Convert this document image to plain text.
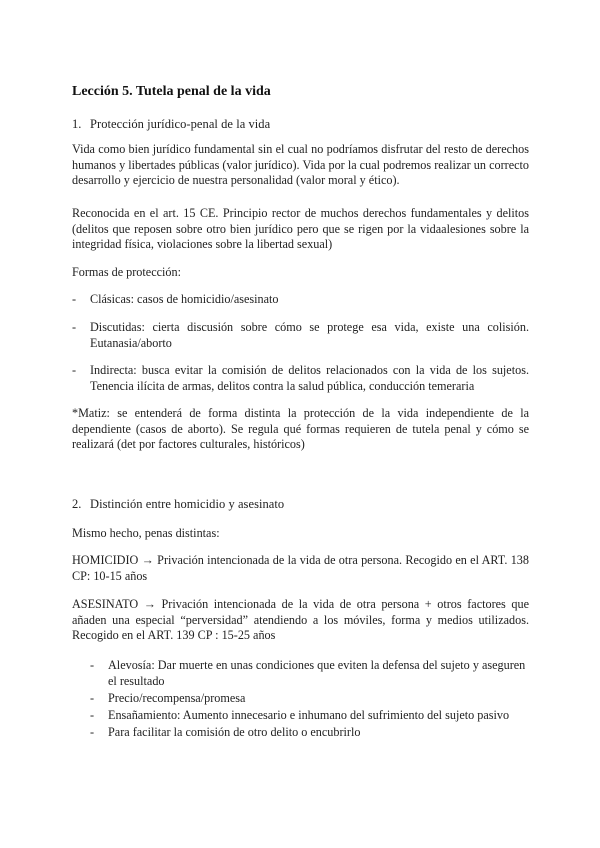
Lección 5. Tutela penal de la vida
1. Protección jurídico-penal de la vida

Vida como bien jurídico fundamental sin el cual no podríamos disfrutar del resto de derechos humanos y libertades públicas (valor jurídico). Vida por la cual podremos realizar un correcto desarrollo y ejercicio de nuestra personalidad (valor moral y ético).

Reconocida en el art. 15 CE. Principio rector de muchos derechos fundamentales y delitos (delitos que reposen sobre otro bien jurídico pero que se rigen por la vidaalesiones sobre la integridad física, violaciones sobre la libertad sexual)

Formas de protección:

- Clásicas: casos de homicidio/asesinato
- Discutidas: cierta discusión sobre cómo se protege esa vida, existe una colisión. Eutanasia/aborto
- Indirecta: busca evitar la comisión de delitos relacionados con la vida de los sujetos. Tenencia ilícita de armas, delitos contra la salud pública, conducción temeraria

*Matiz: se entenderá de forma distinta la protección de la vida independiente de la dependiente (casos de aborto). Se regula qué formas requieren de tutela penal y cómo se realizará (det por factores culturales, históricos)

2. Distinción entre homicidio y asesinato

Mismo hecho, penas distintas:

HOMICIDIO → Privación intencionada de la vida de otra persona. Recogido en el ART. 138 CP: 10-15 años

ASESINATO → Privación intencionada de la vida de otra persona + otros factores que añaden una especial “perversidad” atendiendo a los móviles, forma y medios utilizados. Recogido en el ART. 139 CP : 15-25 años

- Alevosía: Dar muerte en unas condiciones que eviten la defensa del sujeto y aseguren el resultado
- Precio/recompensa/promesa
- Ensañamiento: Aumento innecesario e inhumano del sufrimiento del sujeto pasivo
- Para facilitar la comisión de otro delito o encubrirlo
